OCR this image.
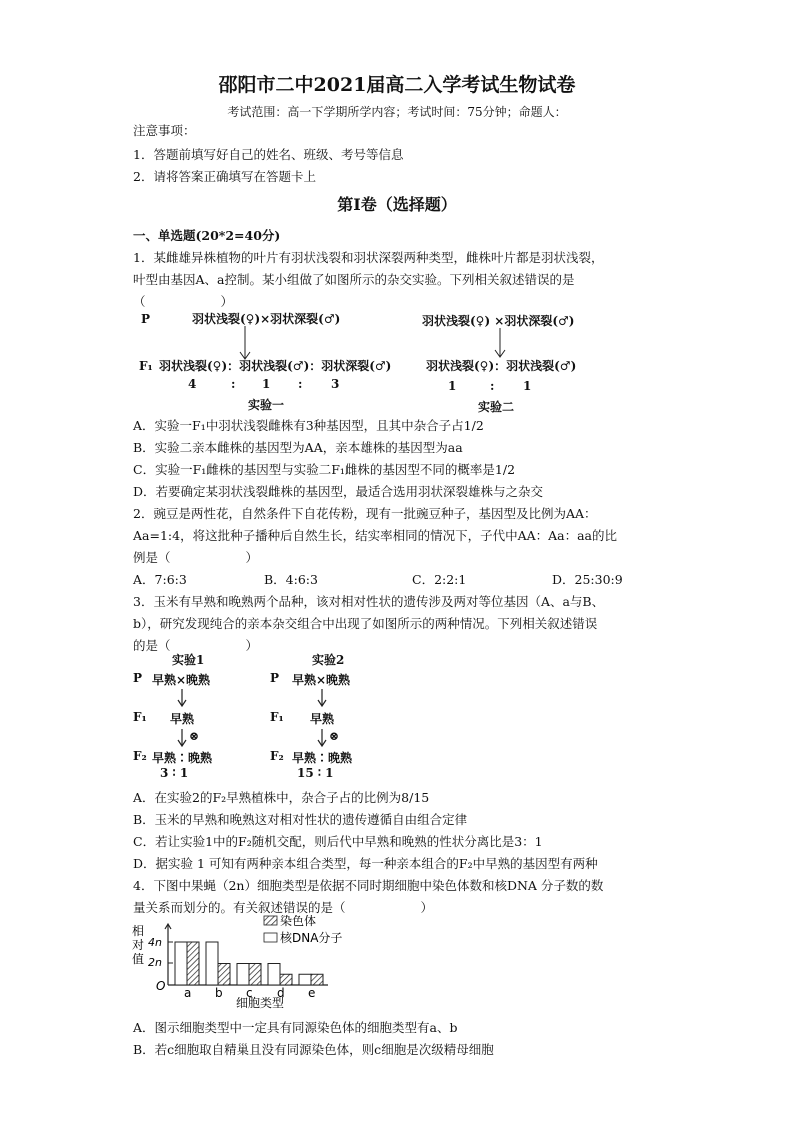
邵阳市二中2021届高二入学考试生物试卷
考试范围：高一下学期所学内容；考试时间：75分钟；命题人：
注意事项：
1．答题前填写好自己的姓名、班级、考号等信息
2．请将答案正确填写在答题卡上
第I卷（选择题）
一、单选题(20*2=40分)
1．某雌雄异株植物的叶片有羽状浅裂和羽状深裂两种类型，雌株叶片都是羽状浅裂，
叶型由基因A、a控制。某小组做了如图所示的杂交实验。下列相关叙述错误的是
（　　　　　　）
P	羽状浅裂(♀)×羽状深裂(♂)	羽状浅裂(♀) ×羽状深裂(♂)
F₁ 羽状浅裂(♀)：羽状浅裂(♂)：羽状深裂(♂)	羽状浅裂(♀)：羽状浅裂(♂)
4	: 1 : 3	1	: 1
实验一	实验二
A．实验一F₁中羽状浅裂雌株有3种基因型，且其中杂合子占1/2
B．实验二亲本雌株的基因型为AA，亲本雄株的基因型为aa
C．实验一F₁雌株的基因型与实验二F₁雌株的基因型不同的概率是1/2
D．若要确定某羽状浅裂雌株的基因型，最适合选用羽状深裂雄株与之杂交
2．豌豆是两性花，自然条件下自花传粉，现有一批豌豆种子，基因型及比例为AA：
Aa=1:4，将这批种子播种后自然生长，结实率相同的情况下，子代中AA：Aa：aa的比
例是（　　　　　　）
A．7:6:3	B．4:6:3	C．2:2:1	D．25:30:9
3．玉米有早熟和晚熟两个品种，该对相对性状的遗传涉及两对等位基因（A、a与B、
b），研究发现纯合的亲本杂交组合中出现了如图所示的两种情况。下列相关叙述错误
的是（　　　　　　）
实验1	实验2
P 早熟×晚熟	P 早熟×晚熟
F₁ 早熟	F₁ 早熟
⊗	⊗
F₂ 早熟∶晚熟	F₂ 早熟∶晚熟
3 ∶ 1	15 ∶ 1
A．在实验2的F₂早熟植株中，杂合子占的比例为8/15
B．玉米的早熟和晚熟这对相对性状的遗传遵循自由组合定律
C．若让实验1中的F₂随机交配，则后代中早熟和晚熟的性状分离比是3：1
D．据实验 1 可知有两种亲本组合类型，每一种亲本组合的F₂中早熟的基因型有两种
4．下图中果蝇（2n）细胞类型是依据不同时期细胞中染色体数和核DNA 分子数的数
量关系而划分的。有关叙述错误的是（　　　　　　）
相
对
值
4n
2n
O a b c d e
染色体
核DNA分子
细胞类型
A．图示细胞类型中一定具有同源染色体的细胞类型有a、b
B．若c细胞取自精巢且没有同源染色体，则c细胞是次级精母细胞
